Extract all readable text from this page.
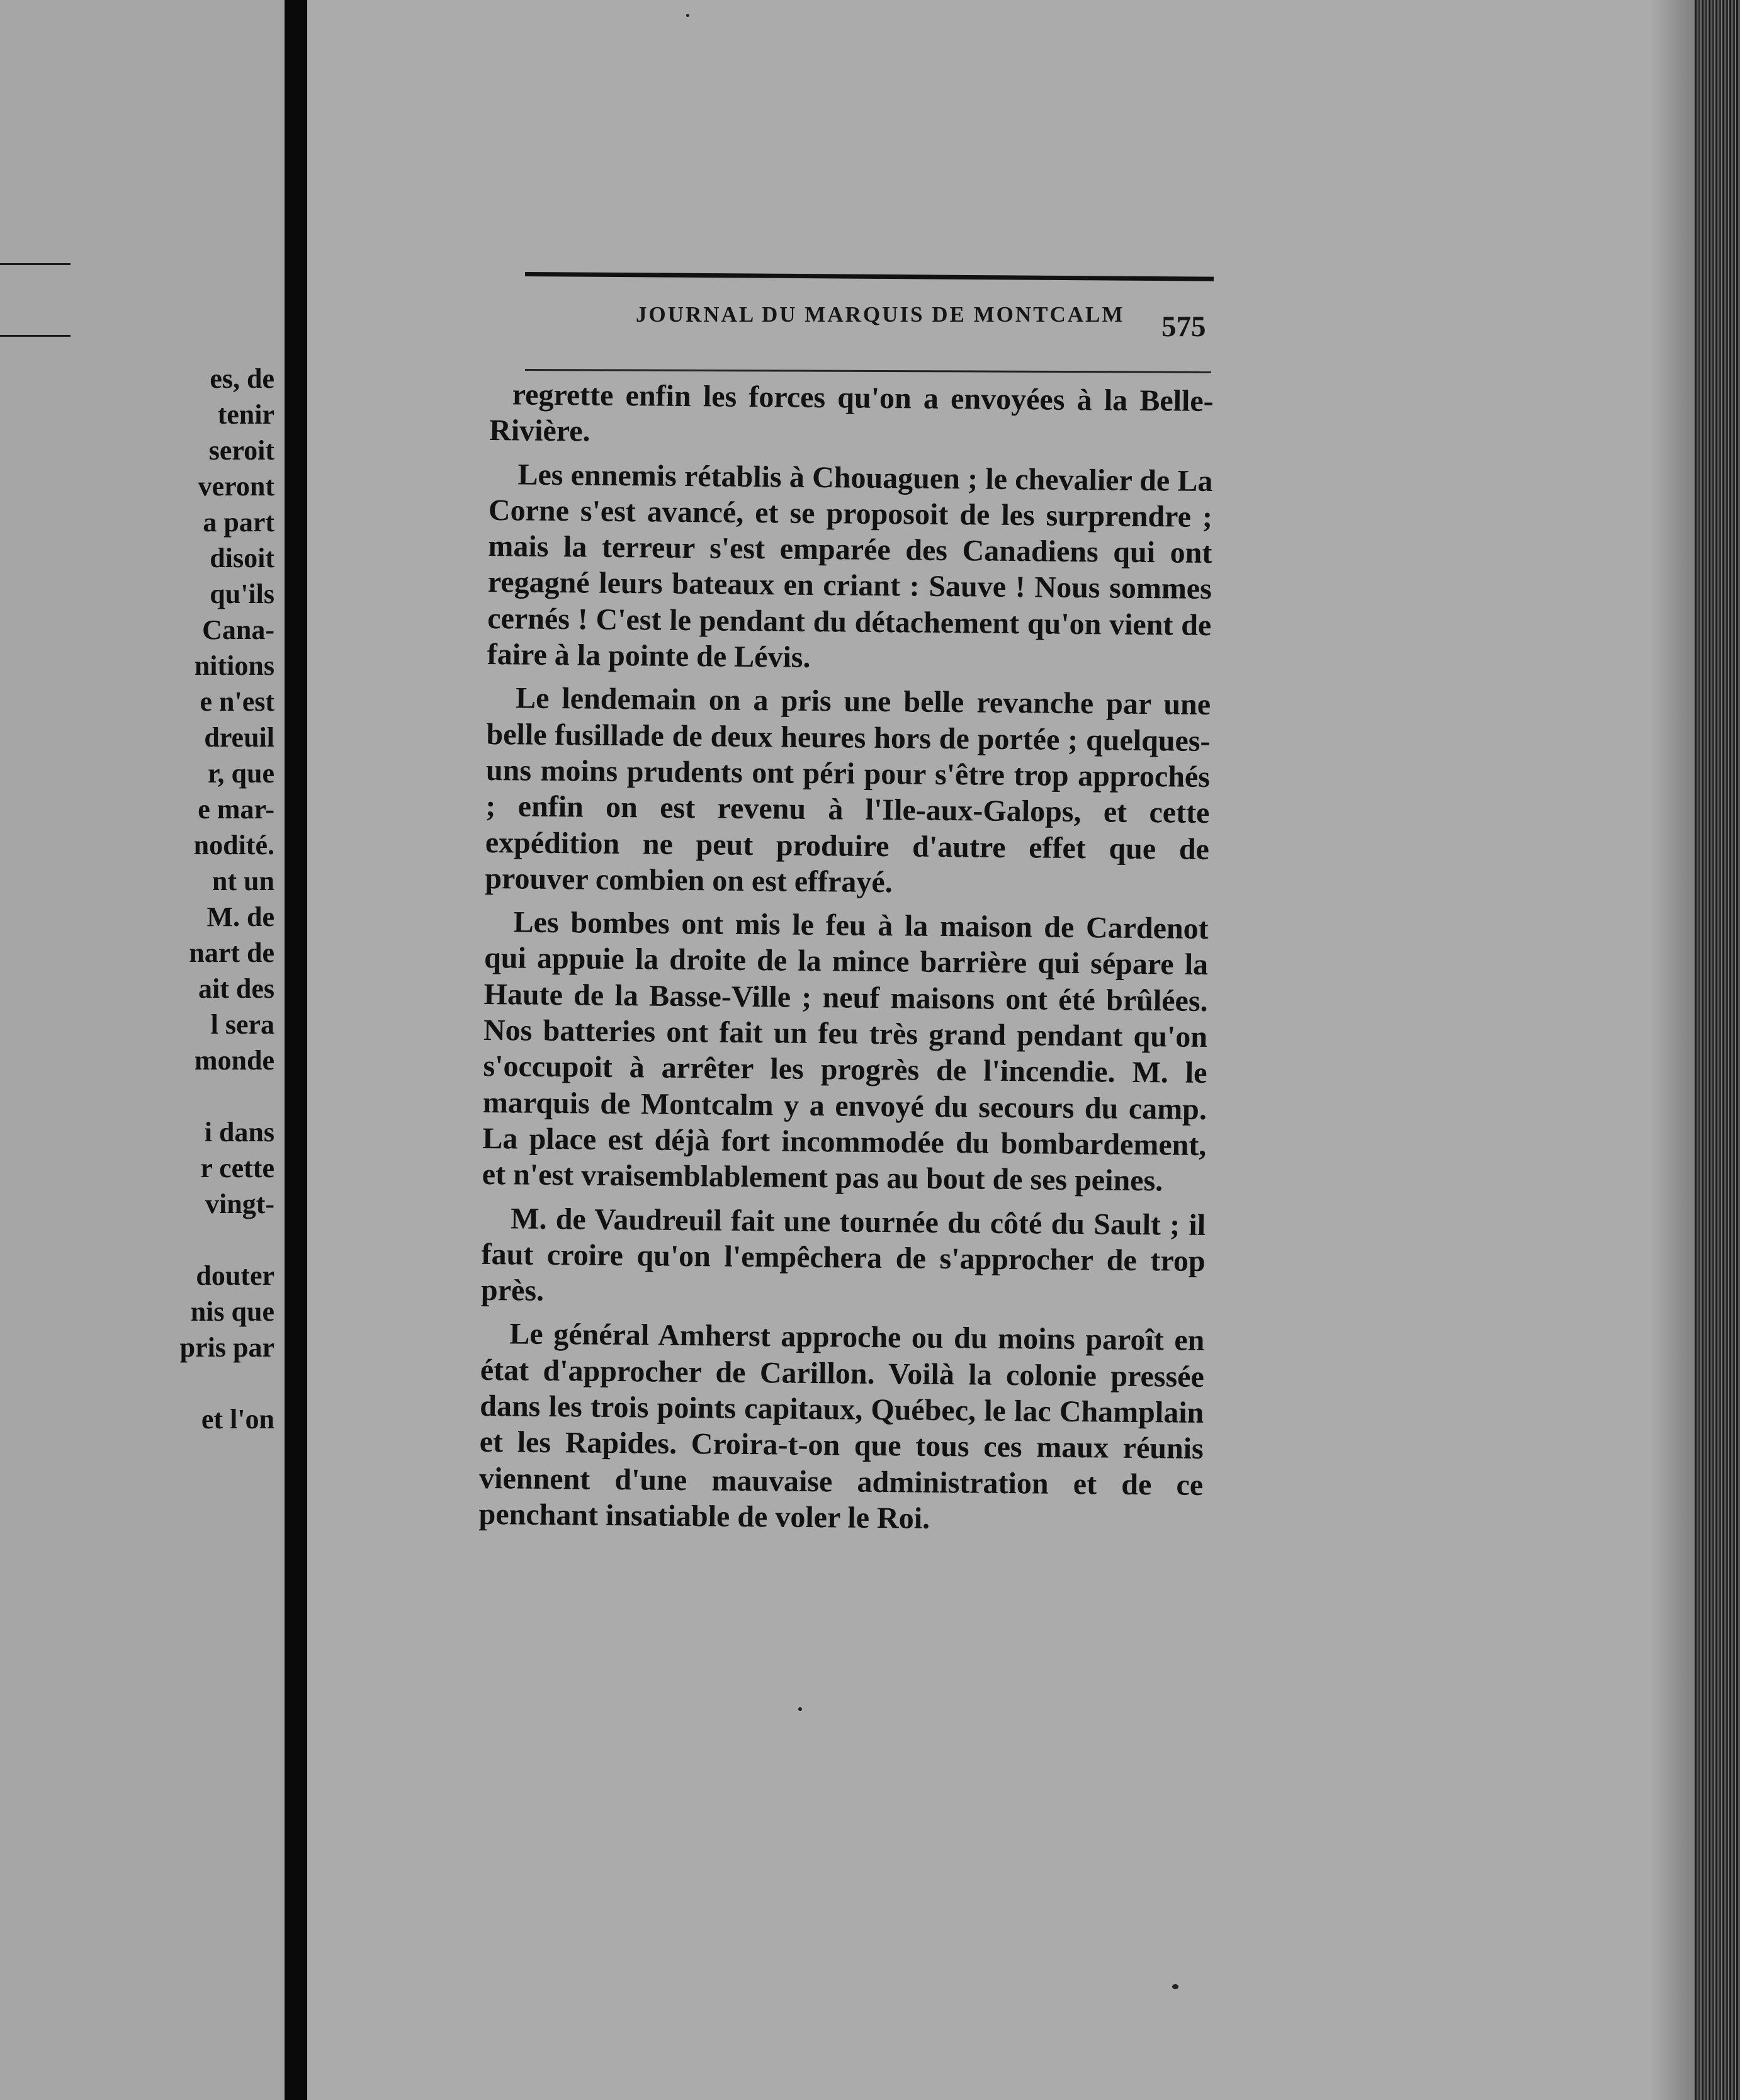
es, de
tenir
seroit
veront
a part
disoit
qu'ils
Cana-
nitions
e n'est
dreuil
r, que
e mar-
nodité.
nt un
M. de
nart de
ait des
l sera
monde
i dans
r cette
vingt-
douter
nis que
pris par
et l'on
JOURNAL DU MARQUIS DE MONTCALM 575

regrette enfin les forces qu'on a envoyées à la Belle-Rivière.

Les ennemis rétablis à Chouaguen ; le chevalier de La Corne s'est avancé, et se proposoit de les surprendre ; mais la terreur s'est emparée des Canadiens qui ont regagné leurs bateaux en criant : Sauve ! Nous sommes cernés ! C'est le pendant du détachement qu'on vient de faire à la pointe de Lévis.

Le lendemain on a pris une belle revanche par une belle fusillade de deux heures hors de portée ; quelques-uns moins prudents ont péri pour s'être trop approchés ; enfin on est revenu à l'Ile-aux-Galops, et cette expédition ne peut produire d'autre effet que de prouver combien on est effrayé.

Les bombes ont mis le feu à la maison de Cardenot qui appuie la droite de la mince barrière qui sépare la Haute de la Basse-Ville ; neuf maisons ont été brûlées. Nos batteries ont fait un feu très grand pendant qu'on s'occupoit à arrêter les progrès de l'incendie. M. le marquis de Montcalm y a envoyé du secours du camp. La place est déjà fort incommodée du bombardement, et n'est vraisemblablement pas au bout de ses peines.

M. de Vaudreuil fait une tournée du côté du Sault ; il faut croire qu'on l'empêchera de s'approcher de trop près.

Le général Amherst approche ou du moins paroît en état d'approcher de Carillon. Voilà la colonie pressée dans les trois points capitaux, Québec, le lac Champlain et les Rapides. Croira-t-on que tous ces maux réunis viennent d'une mauvaise administration et de ce penchant insatiable de voler le Roi.
